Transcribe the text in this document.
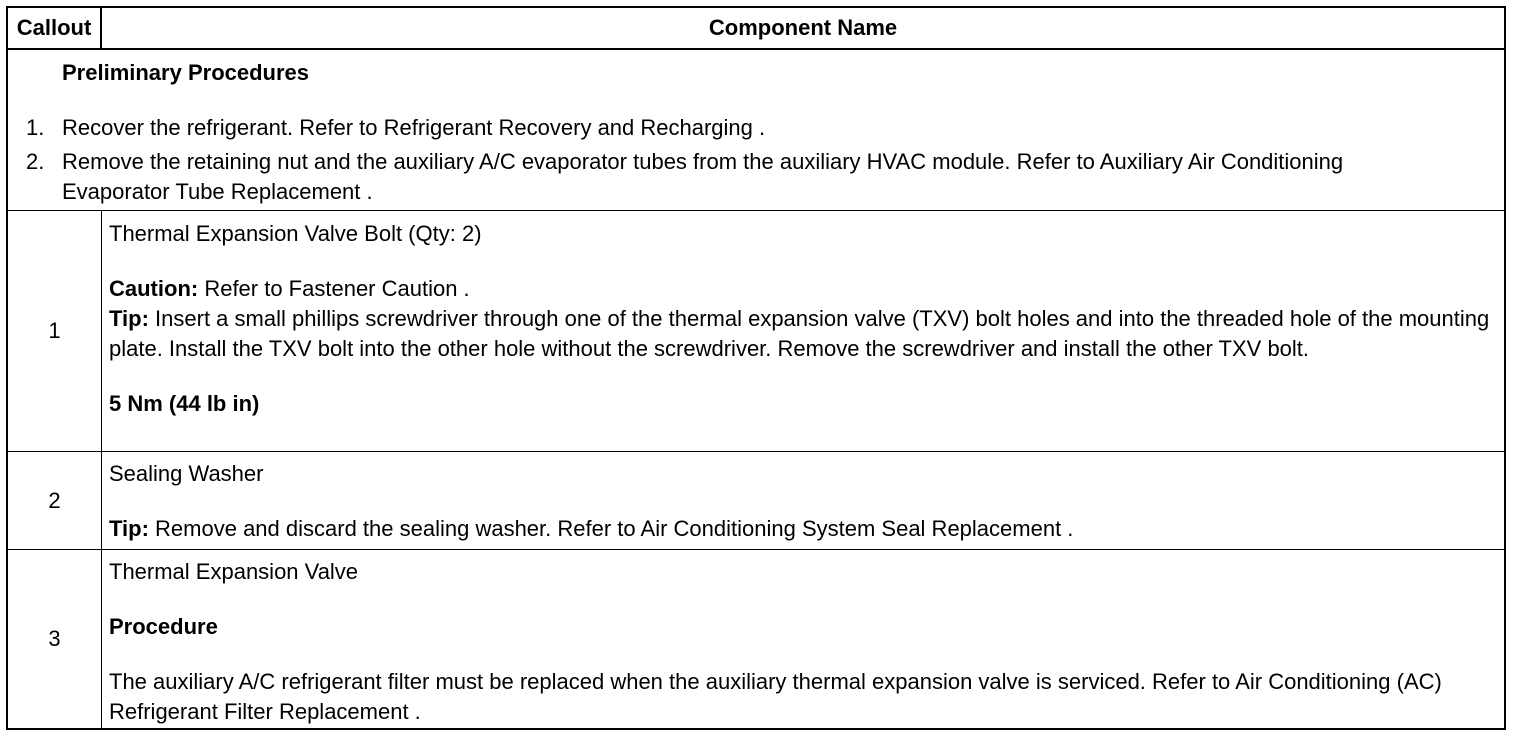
Callout	Component Name
Preliminary Procedures
1. Recover the refrigerant. Refer to Refrigerant Recovery and Recharging .
2. Remove the retaining nut and the auxiliary A/C evaporator tubes from the auxiliary HVAC module. Refer to Auxiliary Air Conditioning Evaporator Tube Replacement .
1

Thermal Expansion Valve Bolt (Qty: 2)

Caution: Refer to Fastener Caution .

Tip: Insert a small phillips screwdriver through one of the thermal expansion valve (TXV) bolt holes and into the threaded hole of the mounting plate. Install the TXV bolt into the other hole without the screwdriver. Remove the screwdriver and install the other TXV bolt.

5 Nm (44 lb in)

2

Sealing Washer

Tip: Remove and discard the sealing washer. Refer to Air Conditioning System Seal Replacement .

3

Thermal Expansion Valve

Procedure

The auxiliary A/C refrigerant filter must be replaced when the auxiliary thermal expansion valve is serviced. Refer to Air Conditioning (AC) Refrigerant Filter Replacement .
